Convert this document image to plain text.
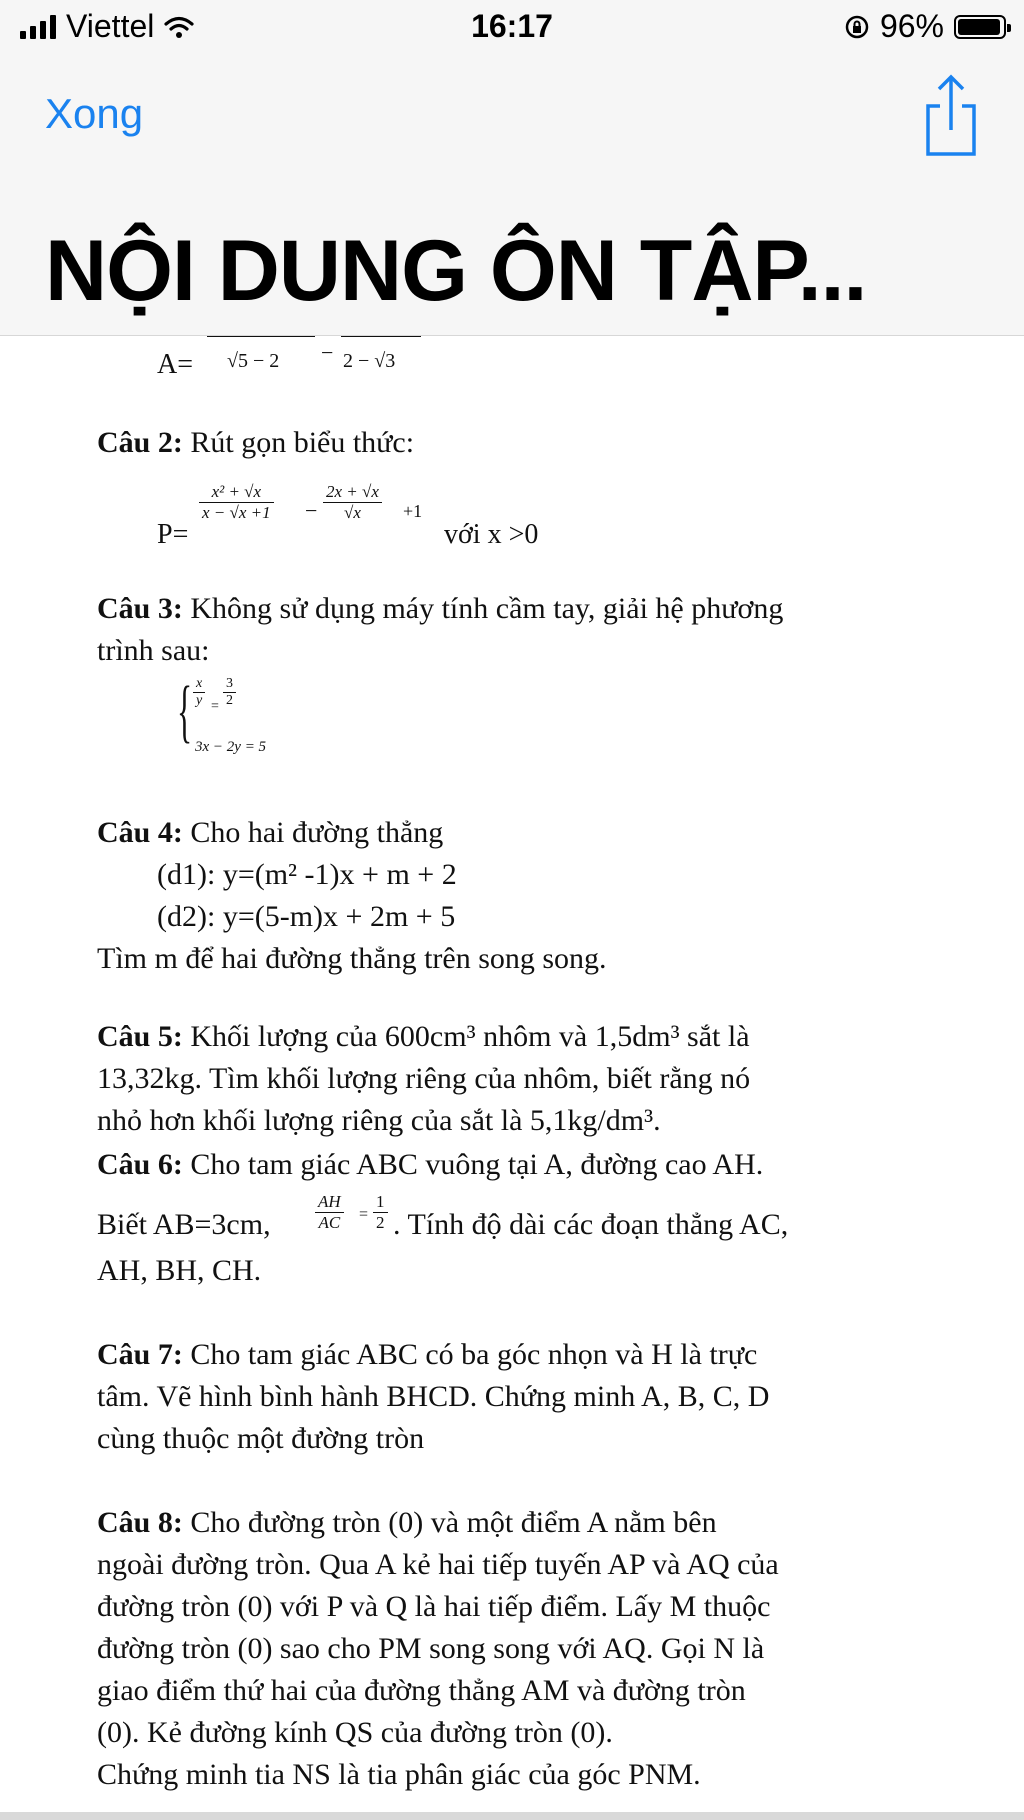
Viettel	16:17	96%
Xong
NỘI DUNG ÔN TẬP...
A= √5 − 2 − 2 − √3
Câu 2: Rút gọn biểu thức:
P=
$\frac{\text{x² + √x}}{x - √x +1} - \frac{2x + √x}{√x} +1$
với x >0
Câu 3: Không sử dụng máy tính cầm tay, giải hệ phương
trình sau:
{ $\frac{x}{y} = \frac{3}{2}$
3x − 2y = 5
Câu 4: Cho hai đường thẳng
(d1): y=(m² -1)x + m + 2
(d2): y=(5-m)x + 2m + 5
Tìm m để hai đường thẳng trên song song.
Câu 5: Khối lượng của 600cm³ nhôm và 1,5dm³ sắt là
13,32kg. Tìm khối lượng riêng của nhôm, biết rằng nó
nhỏ hơn khối lượng riêng của sắt là 5,1kg/dm³.
Câu 6: Cho tam giác ABC vuông tại A, đường cao AH.
Biết AB=3cm,	$\frac{AH}{AC} = \frac{1}{2}$ . Tính độ dài các đoạn thẳng AC,
AH, BH, CH.
Câu 7: Cho tam giác ABC có ba góc nhọn và H là trực
tâm. Vẽ hình bình hành BHCD. Chứng minh A, B, C, D
cùng thuộc một đường tròn
Câu 8: Cho đường tròn (0) và một điểm A nằm bên
ngoài đường tròn. Qua A kẻ hai tiếp tuyến AP và AQ của
đường tròn (0) với P và Q là hai tiếp điểm. Lấy M thuộc
đường tròn (0) sao cho PM song song với AQ. Gọi N là
giao điểm thứ hai của đường thẳng AM và đường tròn
(0). Kẻ đường kính QS của đường tròn (0).
Chứng minh tia NS là tia phân giác của góc PNM.
